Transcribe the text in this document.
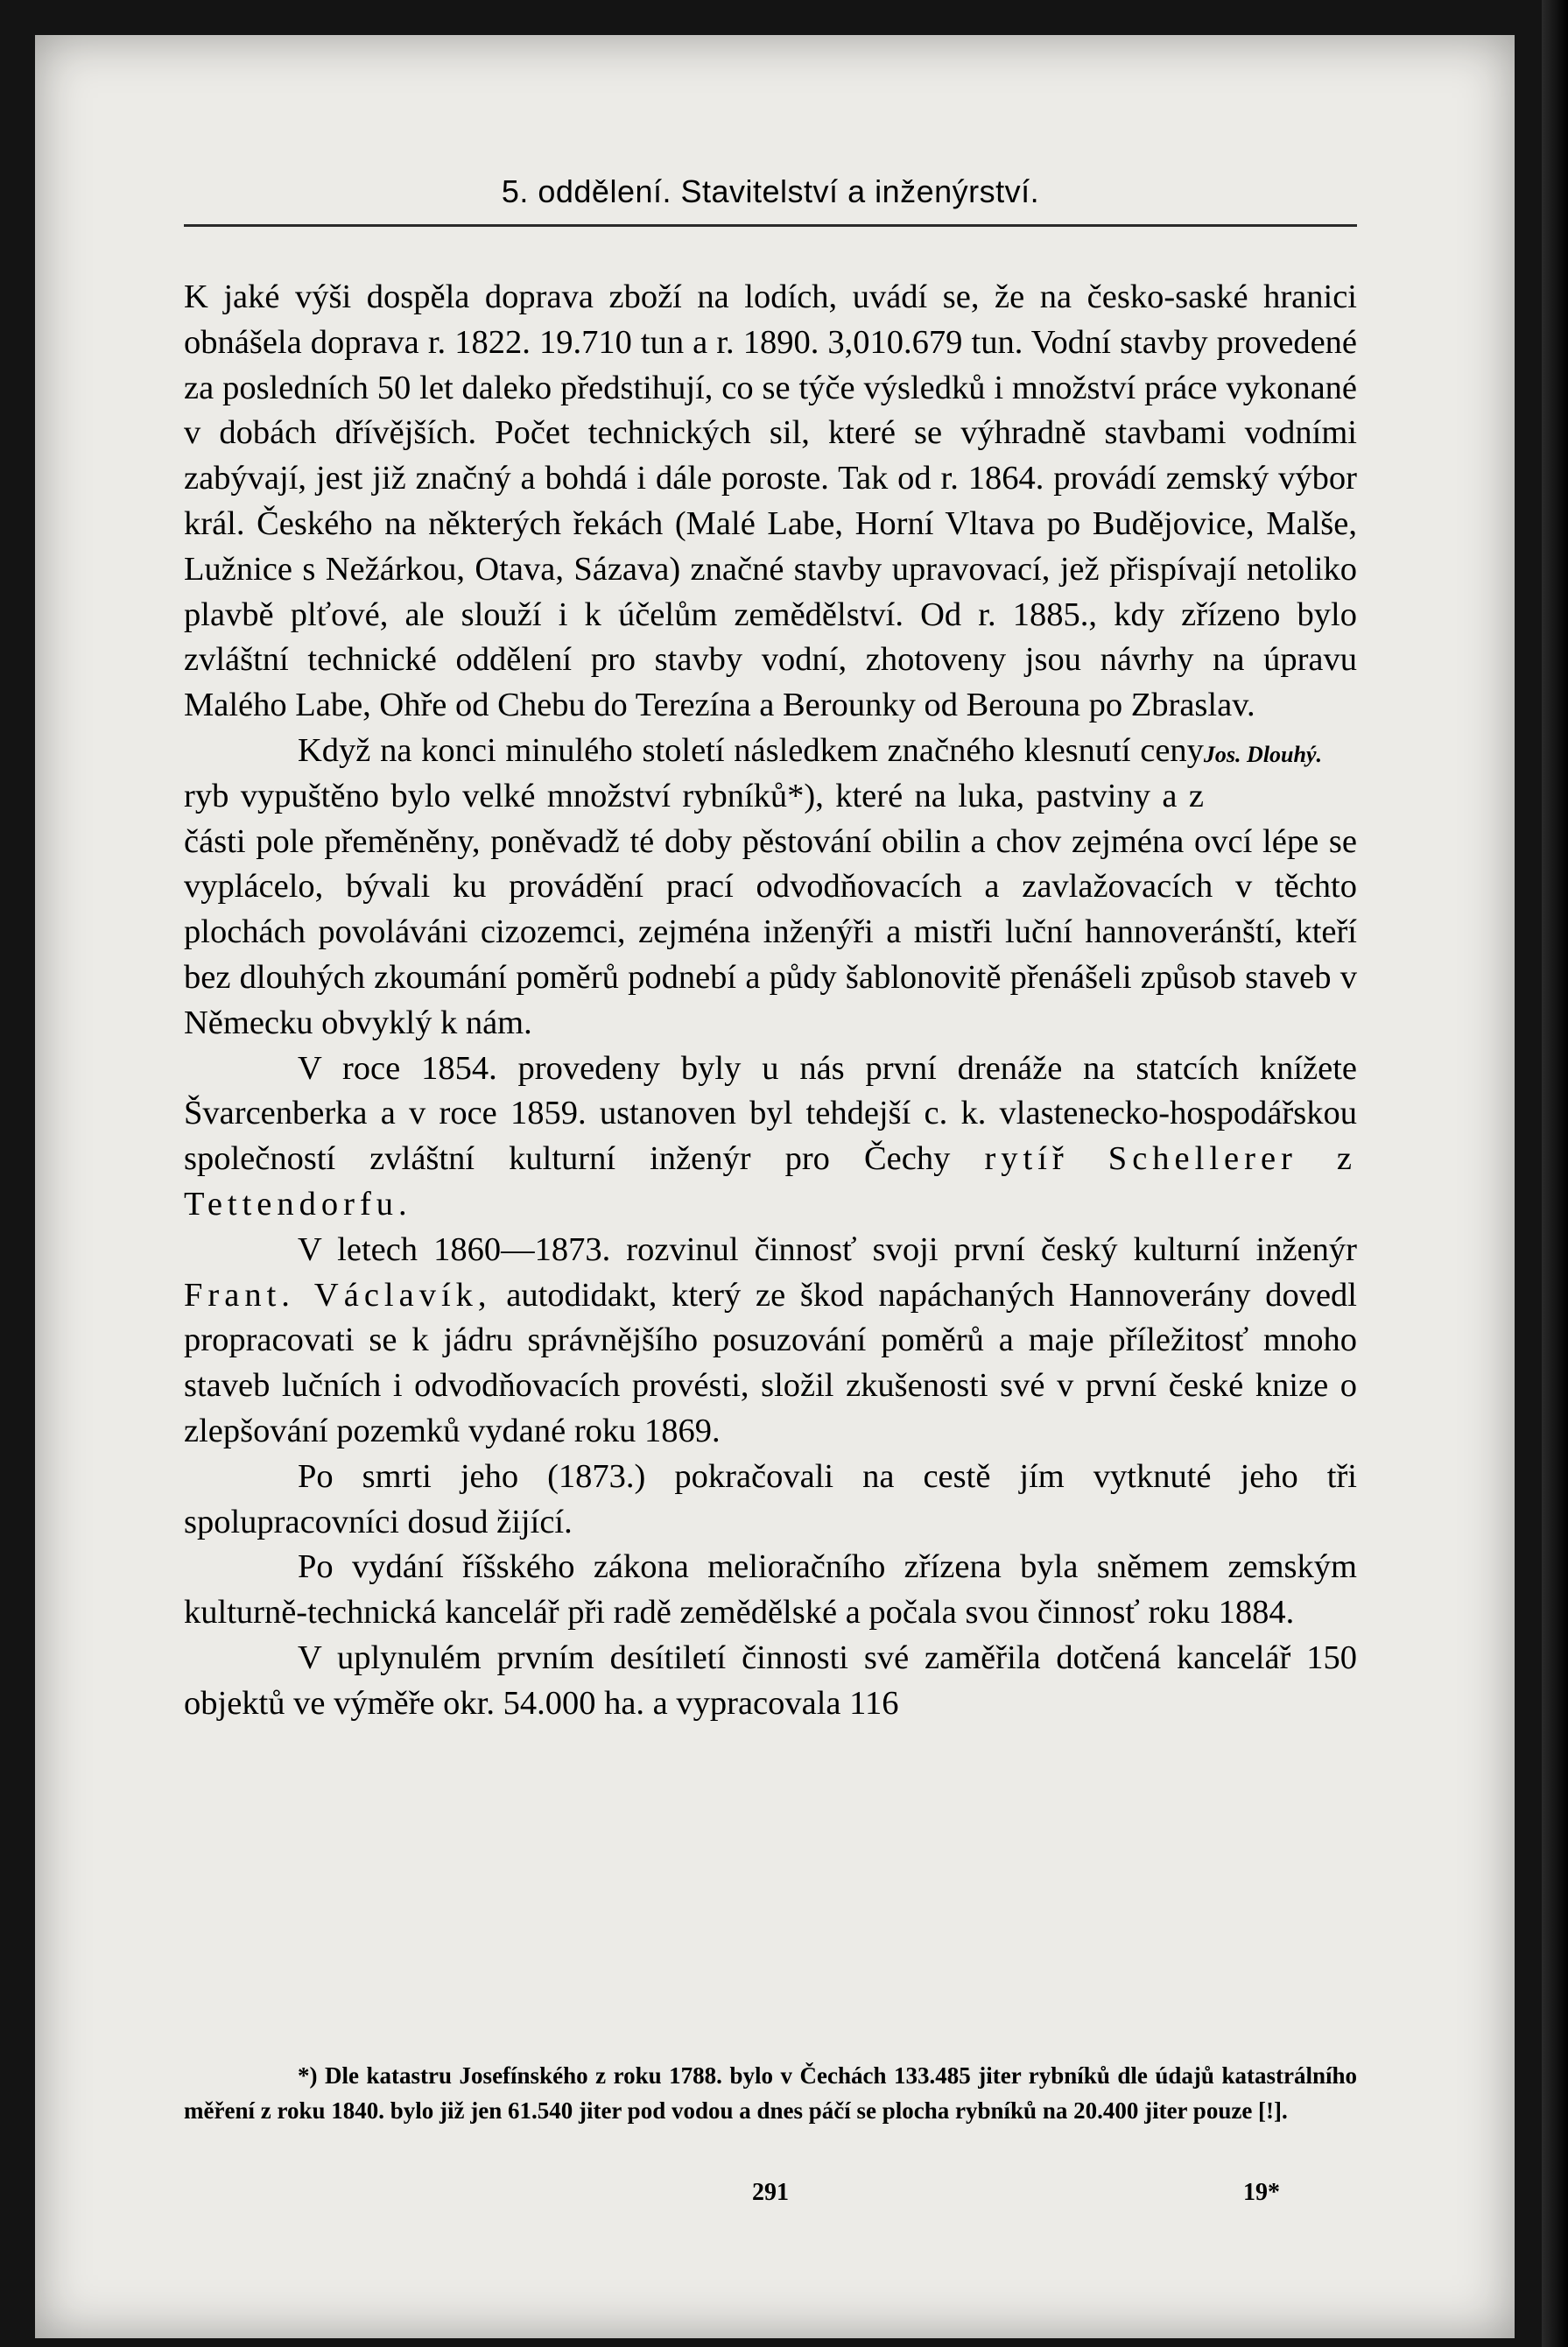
5. oddělení. Stavitelství a inženýrství.

K jaké výši dospěla doprava zboží na lodích, uvádí se, že na česko-saské hranici obnášela doprava r. 1822. 19.710 tun a r. 1890. 3,010.679 tun. Vodní stavby provedené za posledních 50 let daleko předstihují, co se týče výsledků i množství práce vykonané v dobách dřívějších. Počet technických sil, které se výhradně stavbami vodními zabývají, jest již značný a bohdá i dále poroste. Tak od r. 1864. provádí zemský výbor král. Českého na některých řekách (Malé Labe, Horní Vltava po Budějovice, Malše, Lužnice s Nežárkou, Otava, Sázava) značné stavby upravovací, jež přispívají netoliko plavbě plťové, ale slouží i k účelům zemědělství. Od r. 1885., kdy zřízeno bylo zvláštní technické oddělení pro stavby vodní, zhotoveny jsou návrhy na úpravu Malého Labe, Ohře od Chebu do Terezína a Berounky od Berouna po Zbraslav.
Jos. Dlouhý.

Když na konci minulého století následkem značného klesnutí ceny ryb vypuštěno bylo velké množství rybníků*), které na luka, pastviny a z části pole přeměněny, poněvadž té doby pěstování obilin a chov zejména ovcí lépe se vyplácelo, bývali ku provádění prací odvodňovacích a zavlažovacích v těchto plochách povoláváni cizozemci, zejména inženýři a mistři luční hannoveránští, kteří bez dlouhých zkoumání poměrů podnebí a půdy šablonovitě přenášeli způsob staveb v Německu obvyklý k nám.

V roce 1854. provedeny byly u nás první drenáže na statcích knížete Švarcenberka a v roce 1859. ustanoven byl tehdejší c. k. vlastenecko-hospodářskou společností zvláštní kulturní inženýr pro Čechy rytíř Schellerer z Tettendorfu.

V letech 1860—1873. rozvinul činnosť svoji první český kulturní inženýr Frant. Václavík, autodidakt, který ze škod napáchaných Hannoverány dovedl propracovati se k jádru správnějšího posuzování poměrů a maje příležitosť mnoho staveb lučních i odvodňovacích provésti, složil zkušenosti své v první české knize o zlepšování pozemků vydané roku 1869.

Po smrti jeho (1873.) pokračovali na cestě jím vytknuté jeho tři spolupracovníci dosud žijící.

Po vydání říšského zákona melioračního zřízena byla sněmem zemským kulturně-technická kancelář při radě zemědělské a počala svou činnosť roku 1884.

V uplynulém prvním desítiletí činnosti své zaměřila dotčená kancelář 150 objektů ve výměře okr. 54.000 ha. a vypracovala 116

*) Dle katastru Josefínského z roku 1788. bylo v Čechách 133.485 jiter rybníků dle údajů katastrálního měření z roku 1840. bylo již jen 61.540 jiter pod vodou a dnes páčí se plocha rybníků na 20.400 jiter pouze [!].

291	19*
